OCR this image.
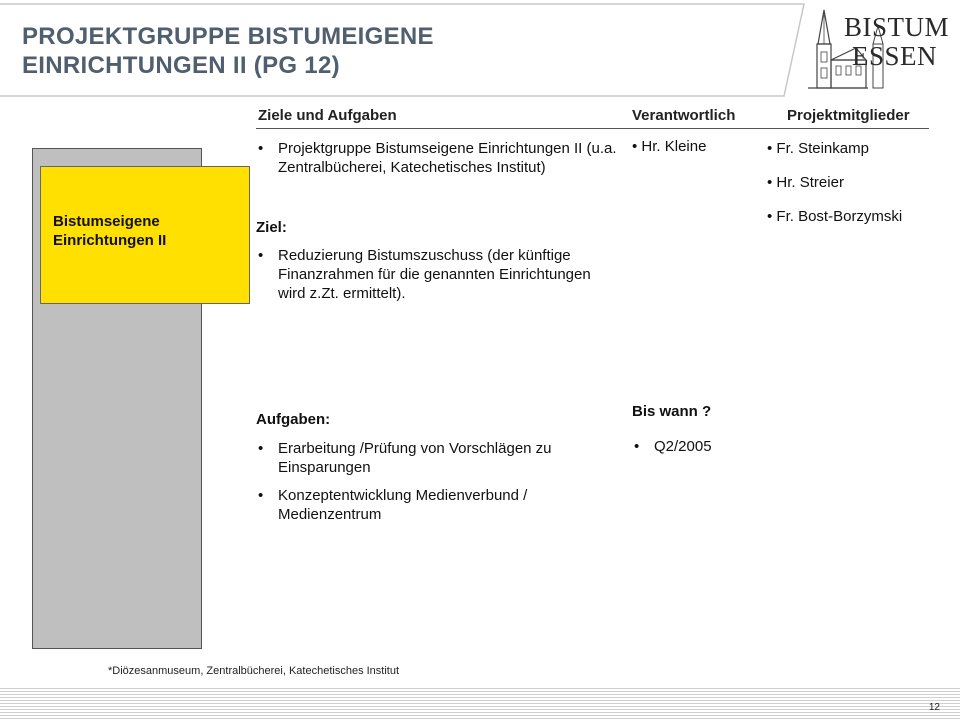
PROJEKTGRUPPE BISTUMEIGENE
EINRICHTUNGEN II (PG 12)
BISTUM
ESSEN
Ziele und Aufgaben	Verantwortlich	Projektmitglieder
Bistumseigene
Einrichtungen II
• Projektgruppe Bistumseigene Einrichtungen II (u.a. Zentralbücherei, Katechetisches Institut)
Ziel:
• Reduzierung Bistumszuschuss (der künftige Finanzrahmen für die genannten Einrichtungen wird z.Zt. ermittelt).
Aufgaben:
• Erarbeitung /Prüfung von Vorschlägen zu Einsparungen
• Konzeptentwicklung Medienverbund / Medienzentrum
• Hr. Kleine
Bis wann ?
• Q2/2005
• Fr. Steinkamp
• Hr. Streier
• Fr. Bost-Borzymski
*Diözesanmuseum, Zentralbücherei, Katechetisches Institut
12
